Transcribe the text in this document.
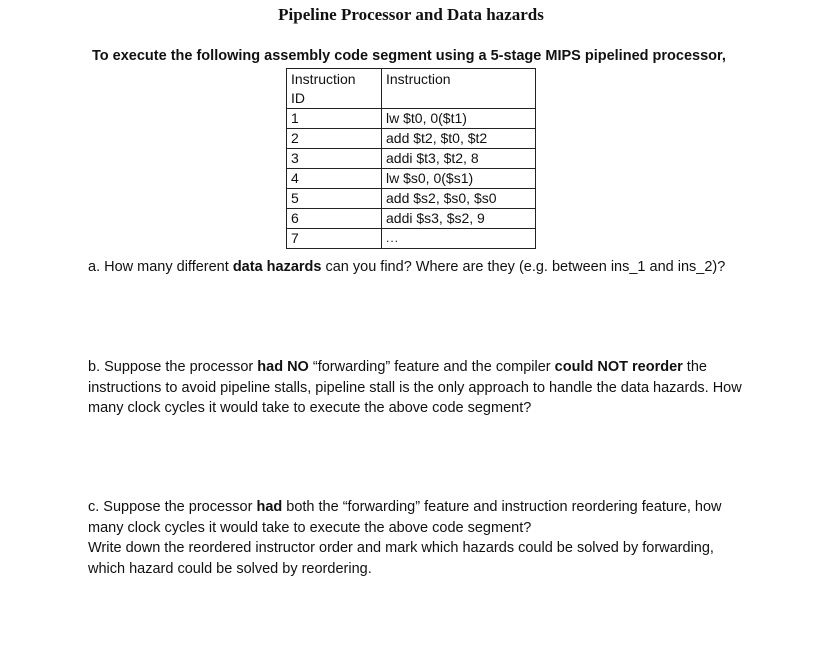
Pipeline Processor and Data hazards
To execute the following assembly code segment using a 5-stage MIPS pipelined processor,
Instruction	Instruction
ID	
1	lw $t0, 0($t1)
2	add $t2, $t0, $t2
3	addi $t3, $t2, 8
4	lw $s0, 0($s1)
5	add $s2, $s0, $s0
6	addi $s3, $s2, 9
7	...
a. How many different data hazards can you find? Where are they (e.g. between ins_1 and ins_2)?
b. Suppose the processor had NO “forwarding” feature and the compiler could NOT reorder the instructions to avoid pipeline stalls, pipeline stall is the only approach to handle the data hazards. How many clock cycles it would take to execute the above code segment?
c. Suppose the processor had both the “forwarding” feature and instruction reordering feature, how many clock cycles it would take to execute the above code segment?
Write down the reordered instructor order and mark which hazards could be solved by forwarding, which hazard could be solved by reordering.
